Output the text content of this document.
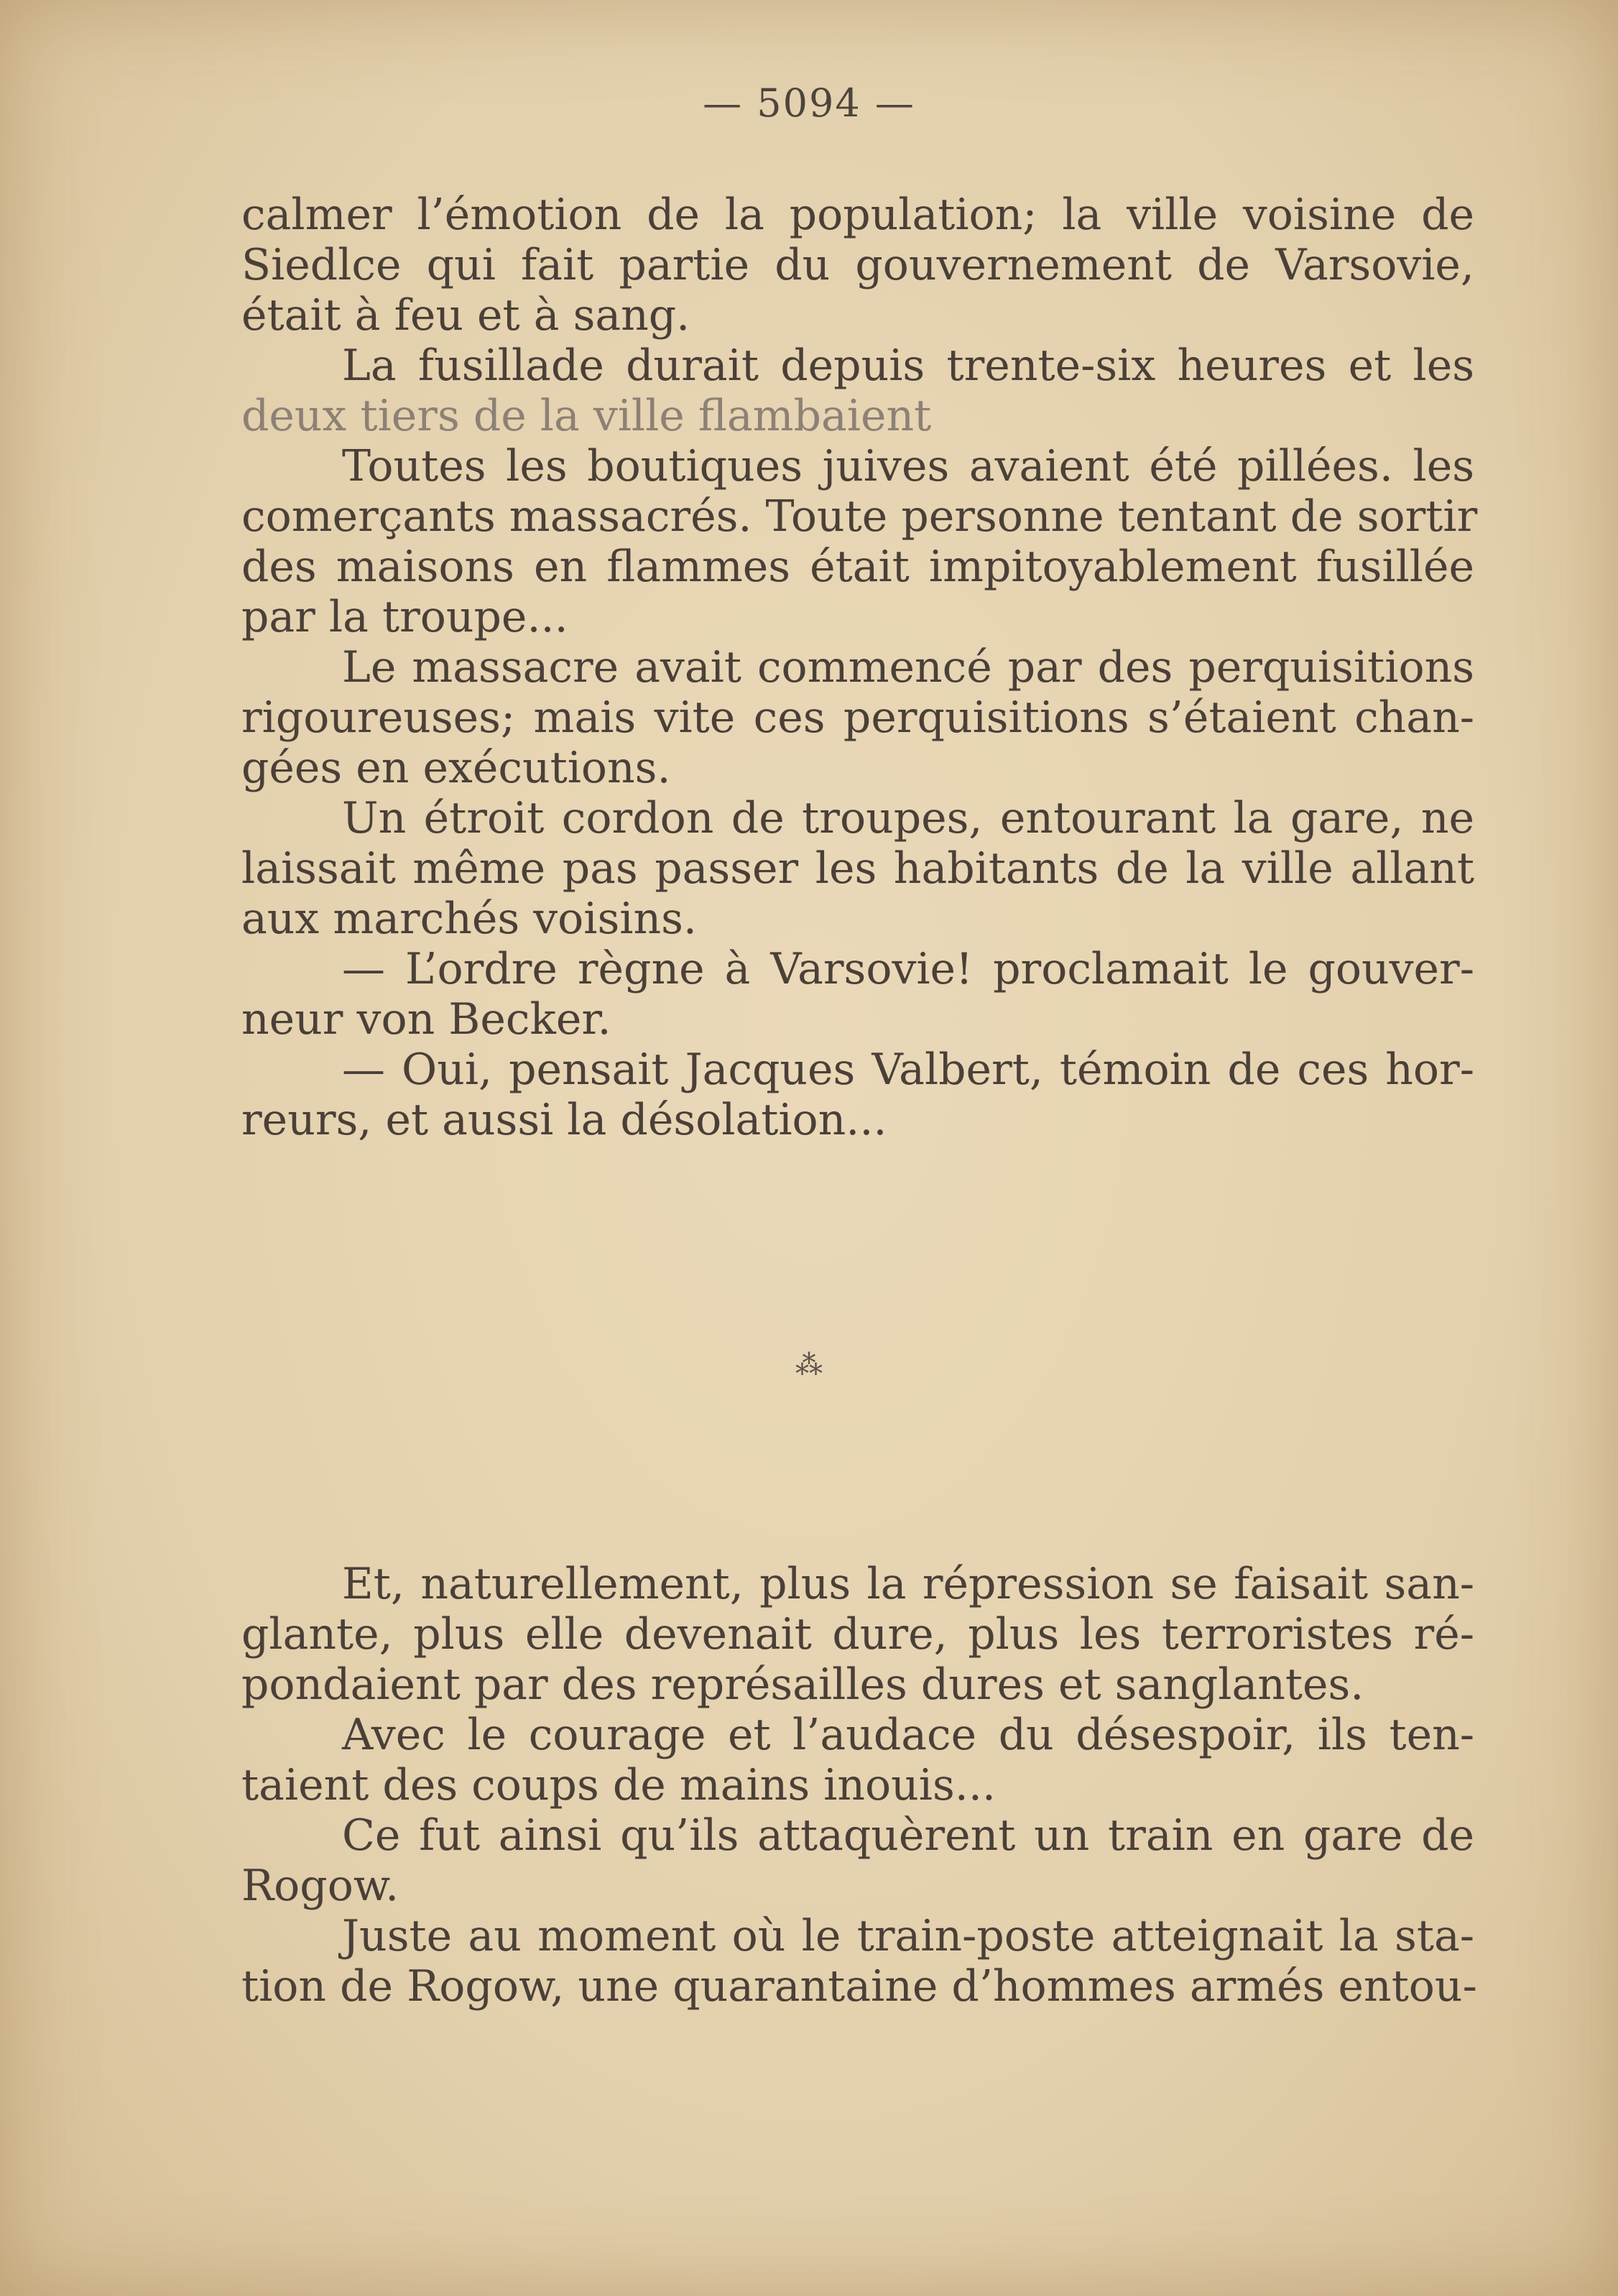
— 5094 —
calmer l’émotion de la population; la ville voisine de
Siedlce qui fait partie du gouvernement de Varsovie,
était à feu et à sang.
La fusillade durait depuis trente-six heures et les
deux tiers de la ville flambaient
Toutes les boutiques juives avaient été pillées. les
comerçants massacrés. Toute personne tentant de sortir
des maisons en flammes était impitoyablement fusillée
par la troupe...
Le massacre avait commencé par des perquisitions
rigoureuses; mais vite ces perquisitions s’étaient chan-
gées en exécutions.
Un étroit cordon de troupes, entourant la gare, ne
laissait même pas passer les habitants de la ville allant
aux marchés voisins.
— L’ordre règne à Varsovie! proclamait le gouver-
neur von Becker.
— Oui, pensait Jacques Valbert, témoin de ces hor-
reurs, et aussi la désolation...
⁂
Et, naturellement, plus la répression se faisait san-
glante, plus elle devenait dure, plus les terroristes ré-
pondaient par des représailles dures et sanglantes.
Avec le courage et l’audace du désespoir, ils ten-
taient des coups de mains inouis...
Ce fut ainsi qu’ils attaquèrent un train en gare de
Rogow.
Juste au moment où le train-poste atteignait la sta-
tion de Rogow, une quarantaine d’hommes armés entou-
